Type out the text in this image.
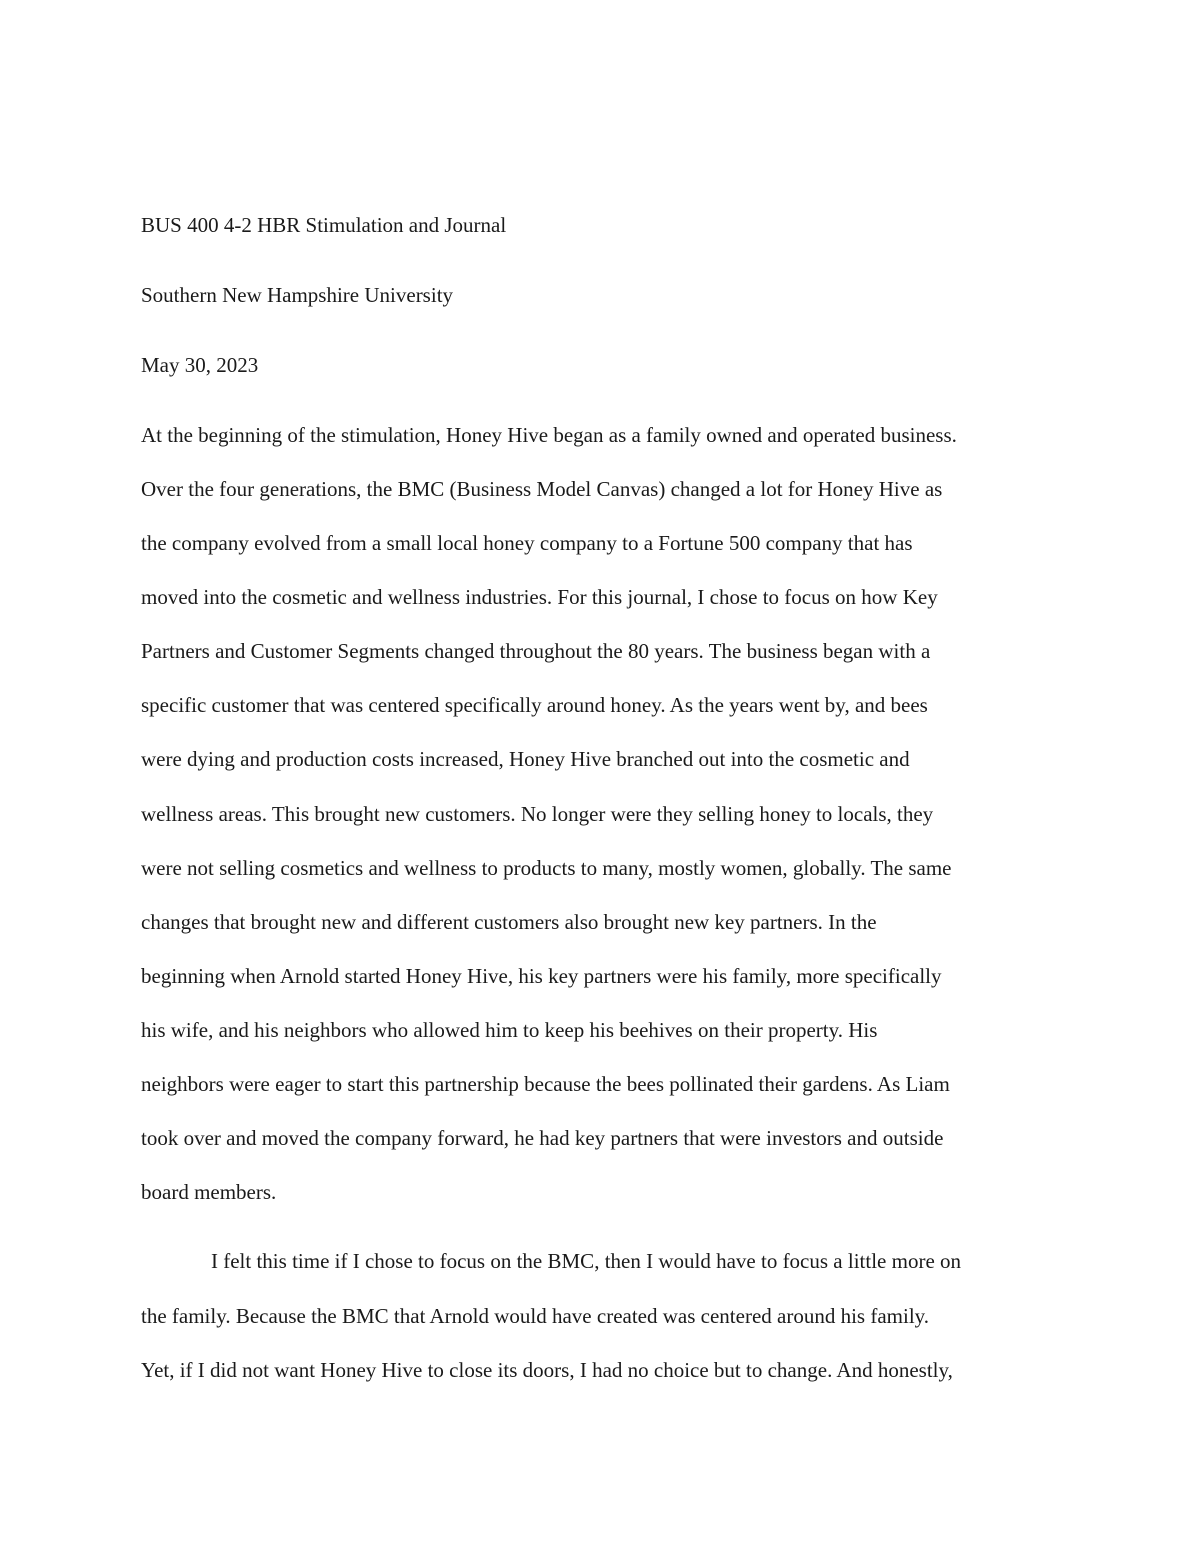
BUS 400 4-2 HBR Stimulation and Journal
Southern New Hampshire University
May 30, 2023
At the beginning of the stimulation, Honey Hive began as a family owned and operated business.
Over the four generations, the BMC (Business Model Canvas) changed a lot for Honey Hive as
the company evolved from a small local honey company to a Fortune 500 company that has
moved into the cosmetic and wellness industries. For this journal, I chose to focus on how Key
Partners and Customer Segments changed throughout the 80 years. The business began with a
specific customer that was centered specifically around honey. As the years went by, and bees
were dying and production costs increased, Honey Hive branched out into the cosmetic and
wellness areas. This brought new customers. No longer were they selling honey to locals, they
were not selling cosmetics and wellness to products to many, mostly women, globally. The same
changes that brought new and different customers also brought new key partners. In the
beginning when Arnold started Honey Hive, his key partners were his family, more specifically
his wife, and his neighbors who allowed him to keep his beehives on their property. His
neighbors were eager to start this partnership because the bees pollinated their gardens. As Liam
took over and moved the company forward, he had key partners that were investors and outside
board members.
I felt this time if I chose to focus on the BMC, then I would have to focus a little more on
the family. Because the BMC that Arnold would have created was centered around his family.
Yet, if I did not want Honey Hive to close its doors, I had no choice but to change. And honestly,
